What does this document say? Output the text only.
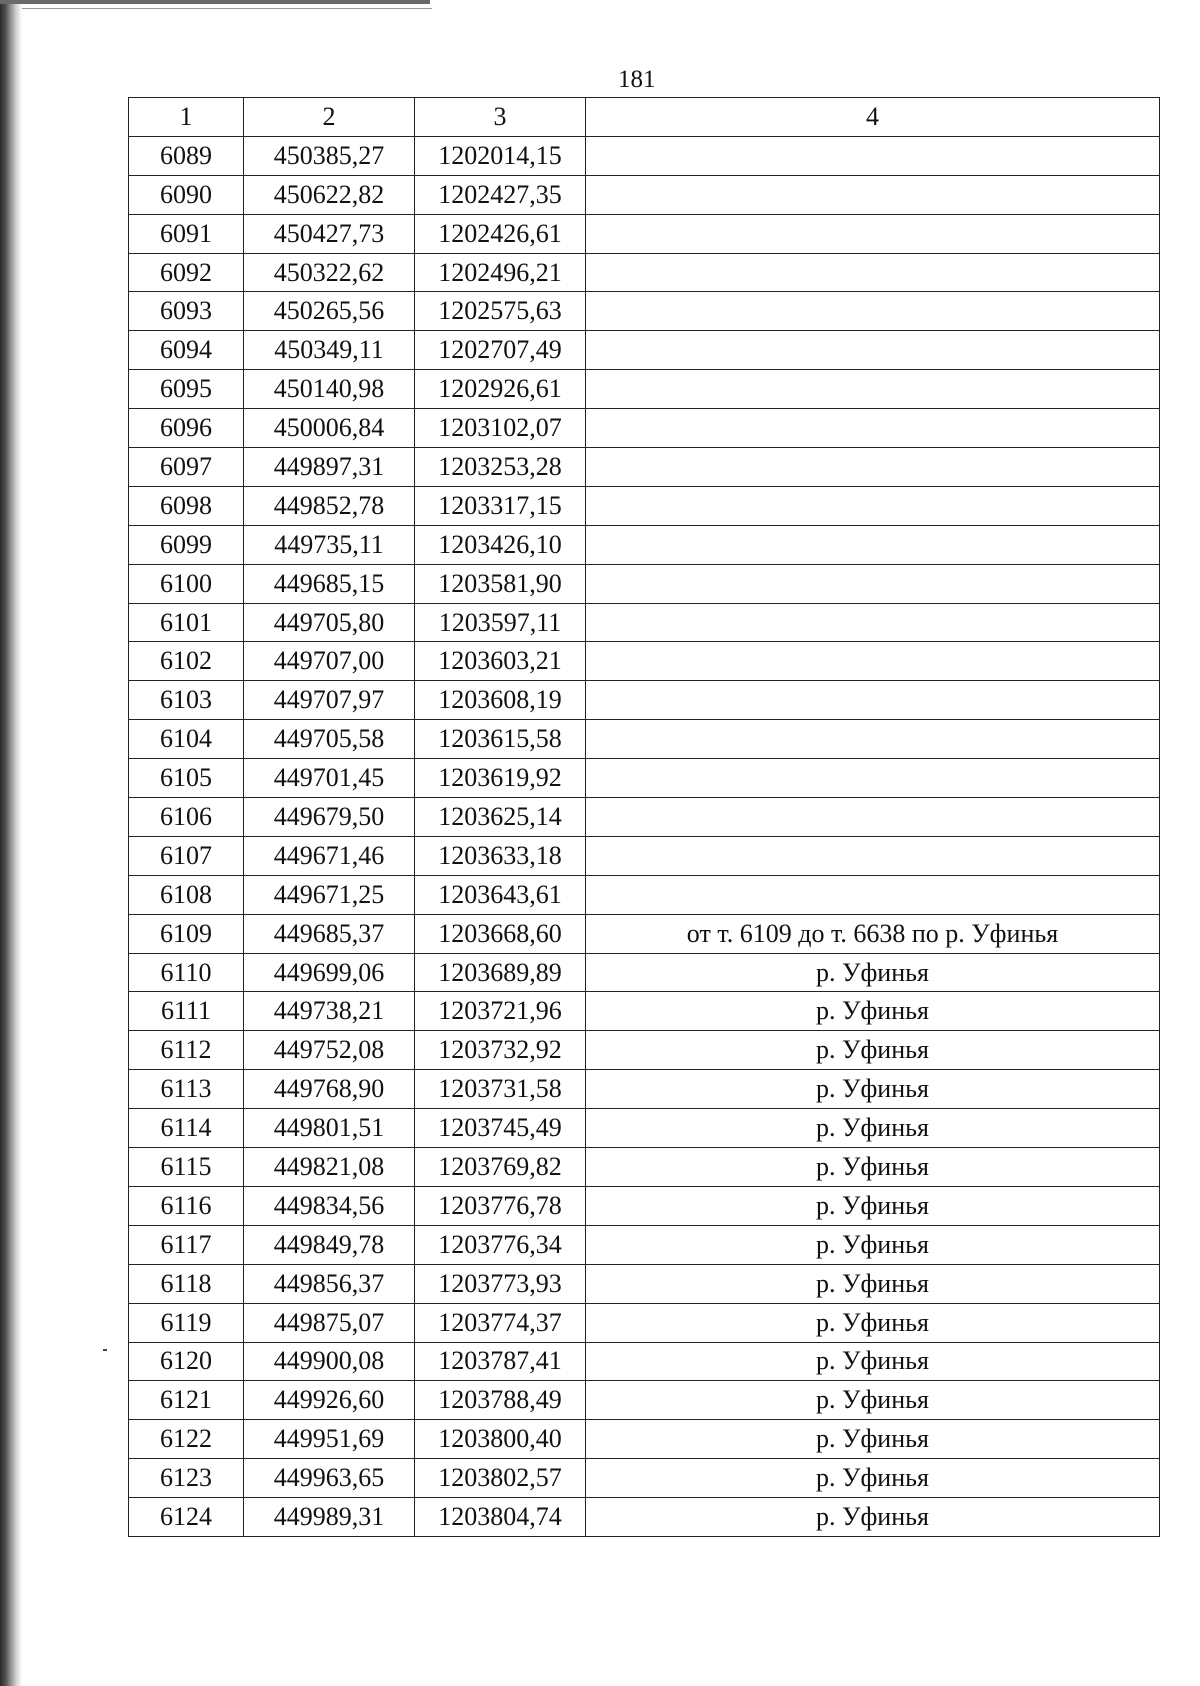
181
1	2	3	4
6089	450385,27	1202014,15	
6090	450622,82	1202427,35	
6091	450427,73	1202426,61	
6092	450322,62	1202496,21	
6093	450265,56	1202575,63	
6094	450349,11	1202707,49	
6095	450140,98	1202926,61	
6096	450006,84	1203102,07	
6097	449897,31	1203253,28	
6098	449852,78	1203317,15	
6099	449735,11	1203426,10	
6100	449685,15	1203581,90	
6101	449705,80	1203597,11	
6102	449707,00	1203603,21	
6103	449707,97	1203608,19	
6104	449705,58	1203615,58	
6105	449701,45	1203619,92	
6106	449679,50	1203625,14	
6107	449671,46	1203633,18	
6108	449671,25	1203643,61	
6109	449685,37	1203668,60	от т. 6109 до т. 6638 по р. Уфинья
6110	449699,06	1203689,89	р. Уфинья
6111	449738,21	1203721,96	р. Уфинья
6112	449752,08	1203732,92	р. Уфинья
6113	449768,90	1203731,58	р. Уфинья
6114	449801,51	1203745,49	р. Уфинья
6115	449821,08	1203769,82	р. Уфинья
6116	449834,56	1203776,78	р. Уфинья
6117	449849,78	1203776,34	р. Уфинья
6118	449856,37	1203773,93	р. Уфинья
6119	449875,07	1203774,37	р. Уфинья
6120	449900,08	1203787,41	р. Уфинья
6121	449926,60	1203788,49	р. Уфинья
6122	449951,69	1203800,40	р. Уфинья
6123	449963,65	1203802,57	р. Уфинья
6124	449989,31	1203804,74	р. Уфинья
